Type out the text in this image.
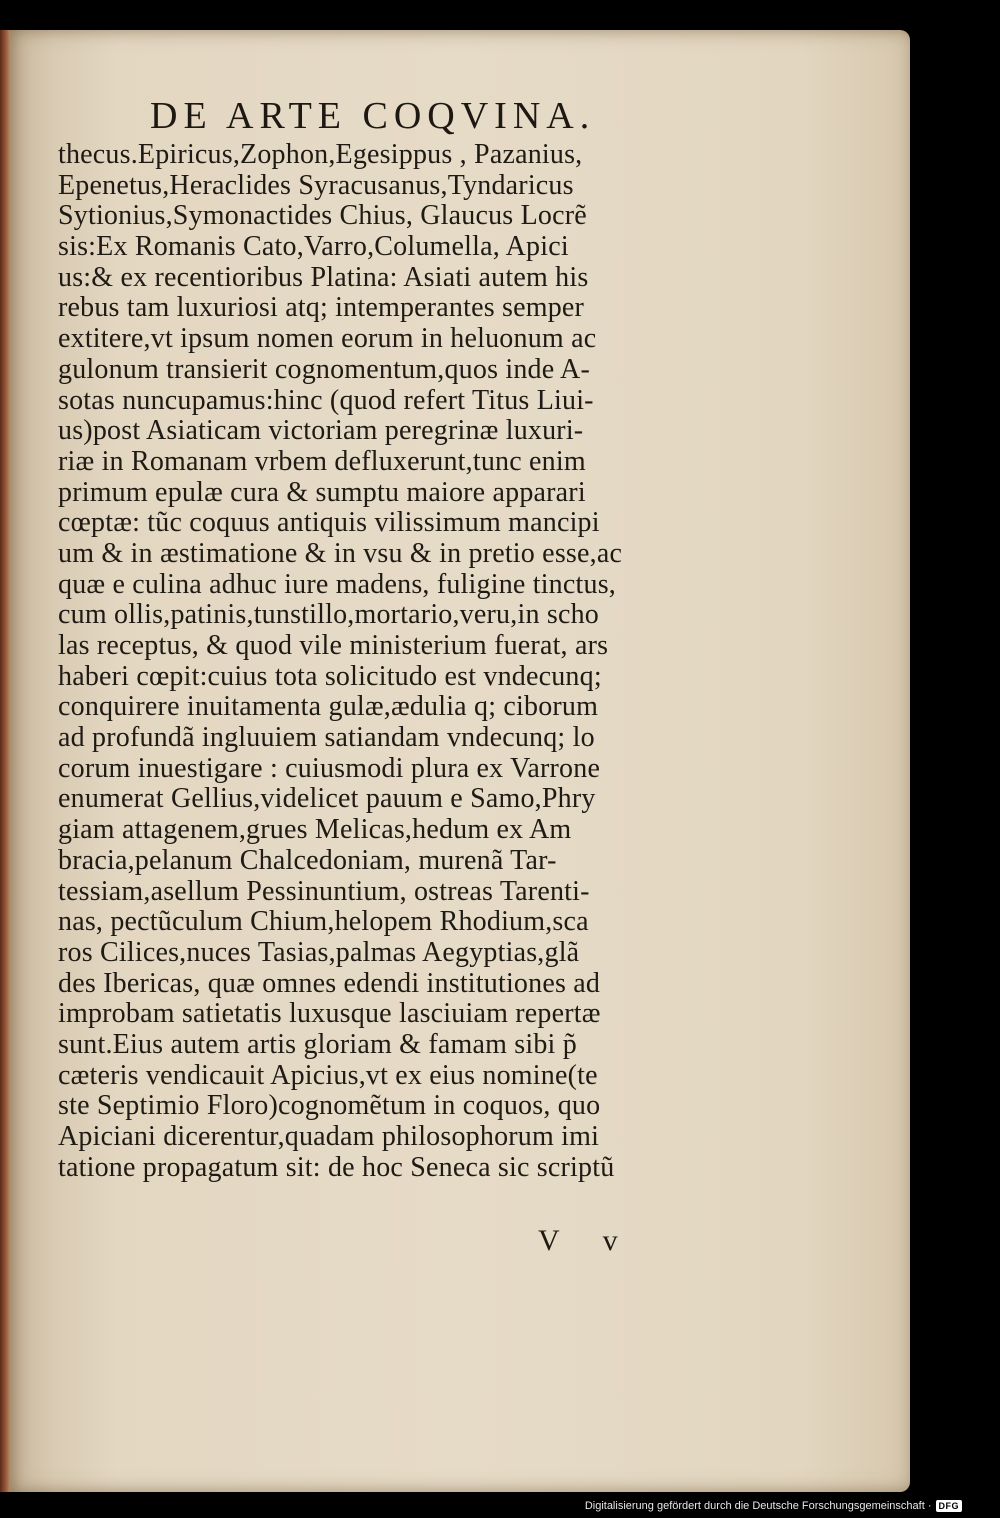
DE ARTE COQVINA.
thecus.Epiricus,Zophon,Egesippus , Pazanius,
Epenetus,Heraclides Syracusanus,Tyndaricus
Sytionius,Symonactides Chius, Glaucus Locrẽ
sis:Ex Romanis Cato,Varro,Columella, Apici
us:& ex recentioribus Platina: Asiati autem his
rebus tam luxuriosi atq; intemperantes semper
extitere,vt ipsum nomen eorum in heluonum ac
gulonum transierit cognomentum,quos inde A-
sotas nuncupamus:hinc (quod refert Titus Liui-
us)post Asiaticam victoriam peregrinæ luxuri-
riæ in Romanam vrbem defluxerunt,tunc enim
primum epulæ cura & sumptu maiore apparari
cœptæ: tũc coquus antiquis vilissimum mancipi
um & in æstimatione & in vsu & in pretio esse,ac
quæ e culina adhuc iure madens, fuligine tinctus,
cum ollis,patinis,tunstillo,mortario,veru,in scho
las receptus, & quod vile ministerium fuerat, ars
haberi cœpit:cuius tota solicitudo est vndecunq;
conquirere inuitamenta gulæ,ædulia q; ciborum
ad profundã ingluuiem satiandam vndecunq; lo
corum inuestigare : cuiusmodi plura ex Varrone
enumerat Gellius,videlicet pauum e Samo,Phry
giam attagenem,grues Melicas,hedum ex Am
bracia,pelanum Chalcedoniam, murenã Tar-
tessiam,asellum Pessinuntium, ostreas Tarenti-
nas, pectũculum Chium,helopem Rhodium,sca
ros Cilices,nuces Tasias,palmas Aegyptias,glã
des Ibericas, quæ omnes edendi institutiones ad
improbam satietatis luxusque lasciuiam repertæ
sunt.Eius autem artis gloriam & famam sibi p̃
cæteris vendicauit Apicius,vt ex eius nomine(te
ste Septimio Floro)cognomẽtum in coquos, quo
Apiciani dicerentur,quadam philosophorum imi
tatione propagatum sit: de hoc Seneca sic scriptũ
V v
Digitalisierung gefördert durch die Deutsche Forschungsgemeinschaft · DFG
